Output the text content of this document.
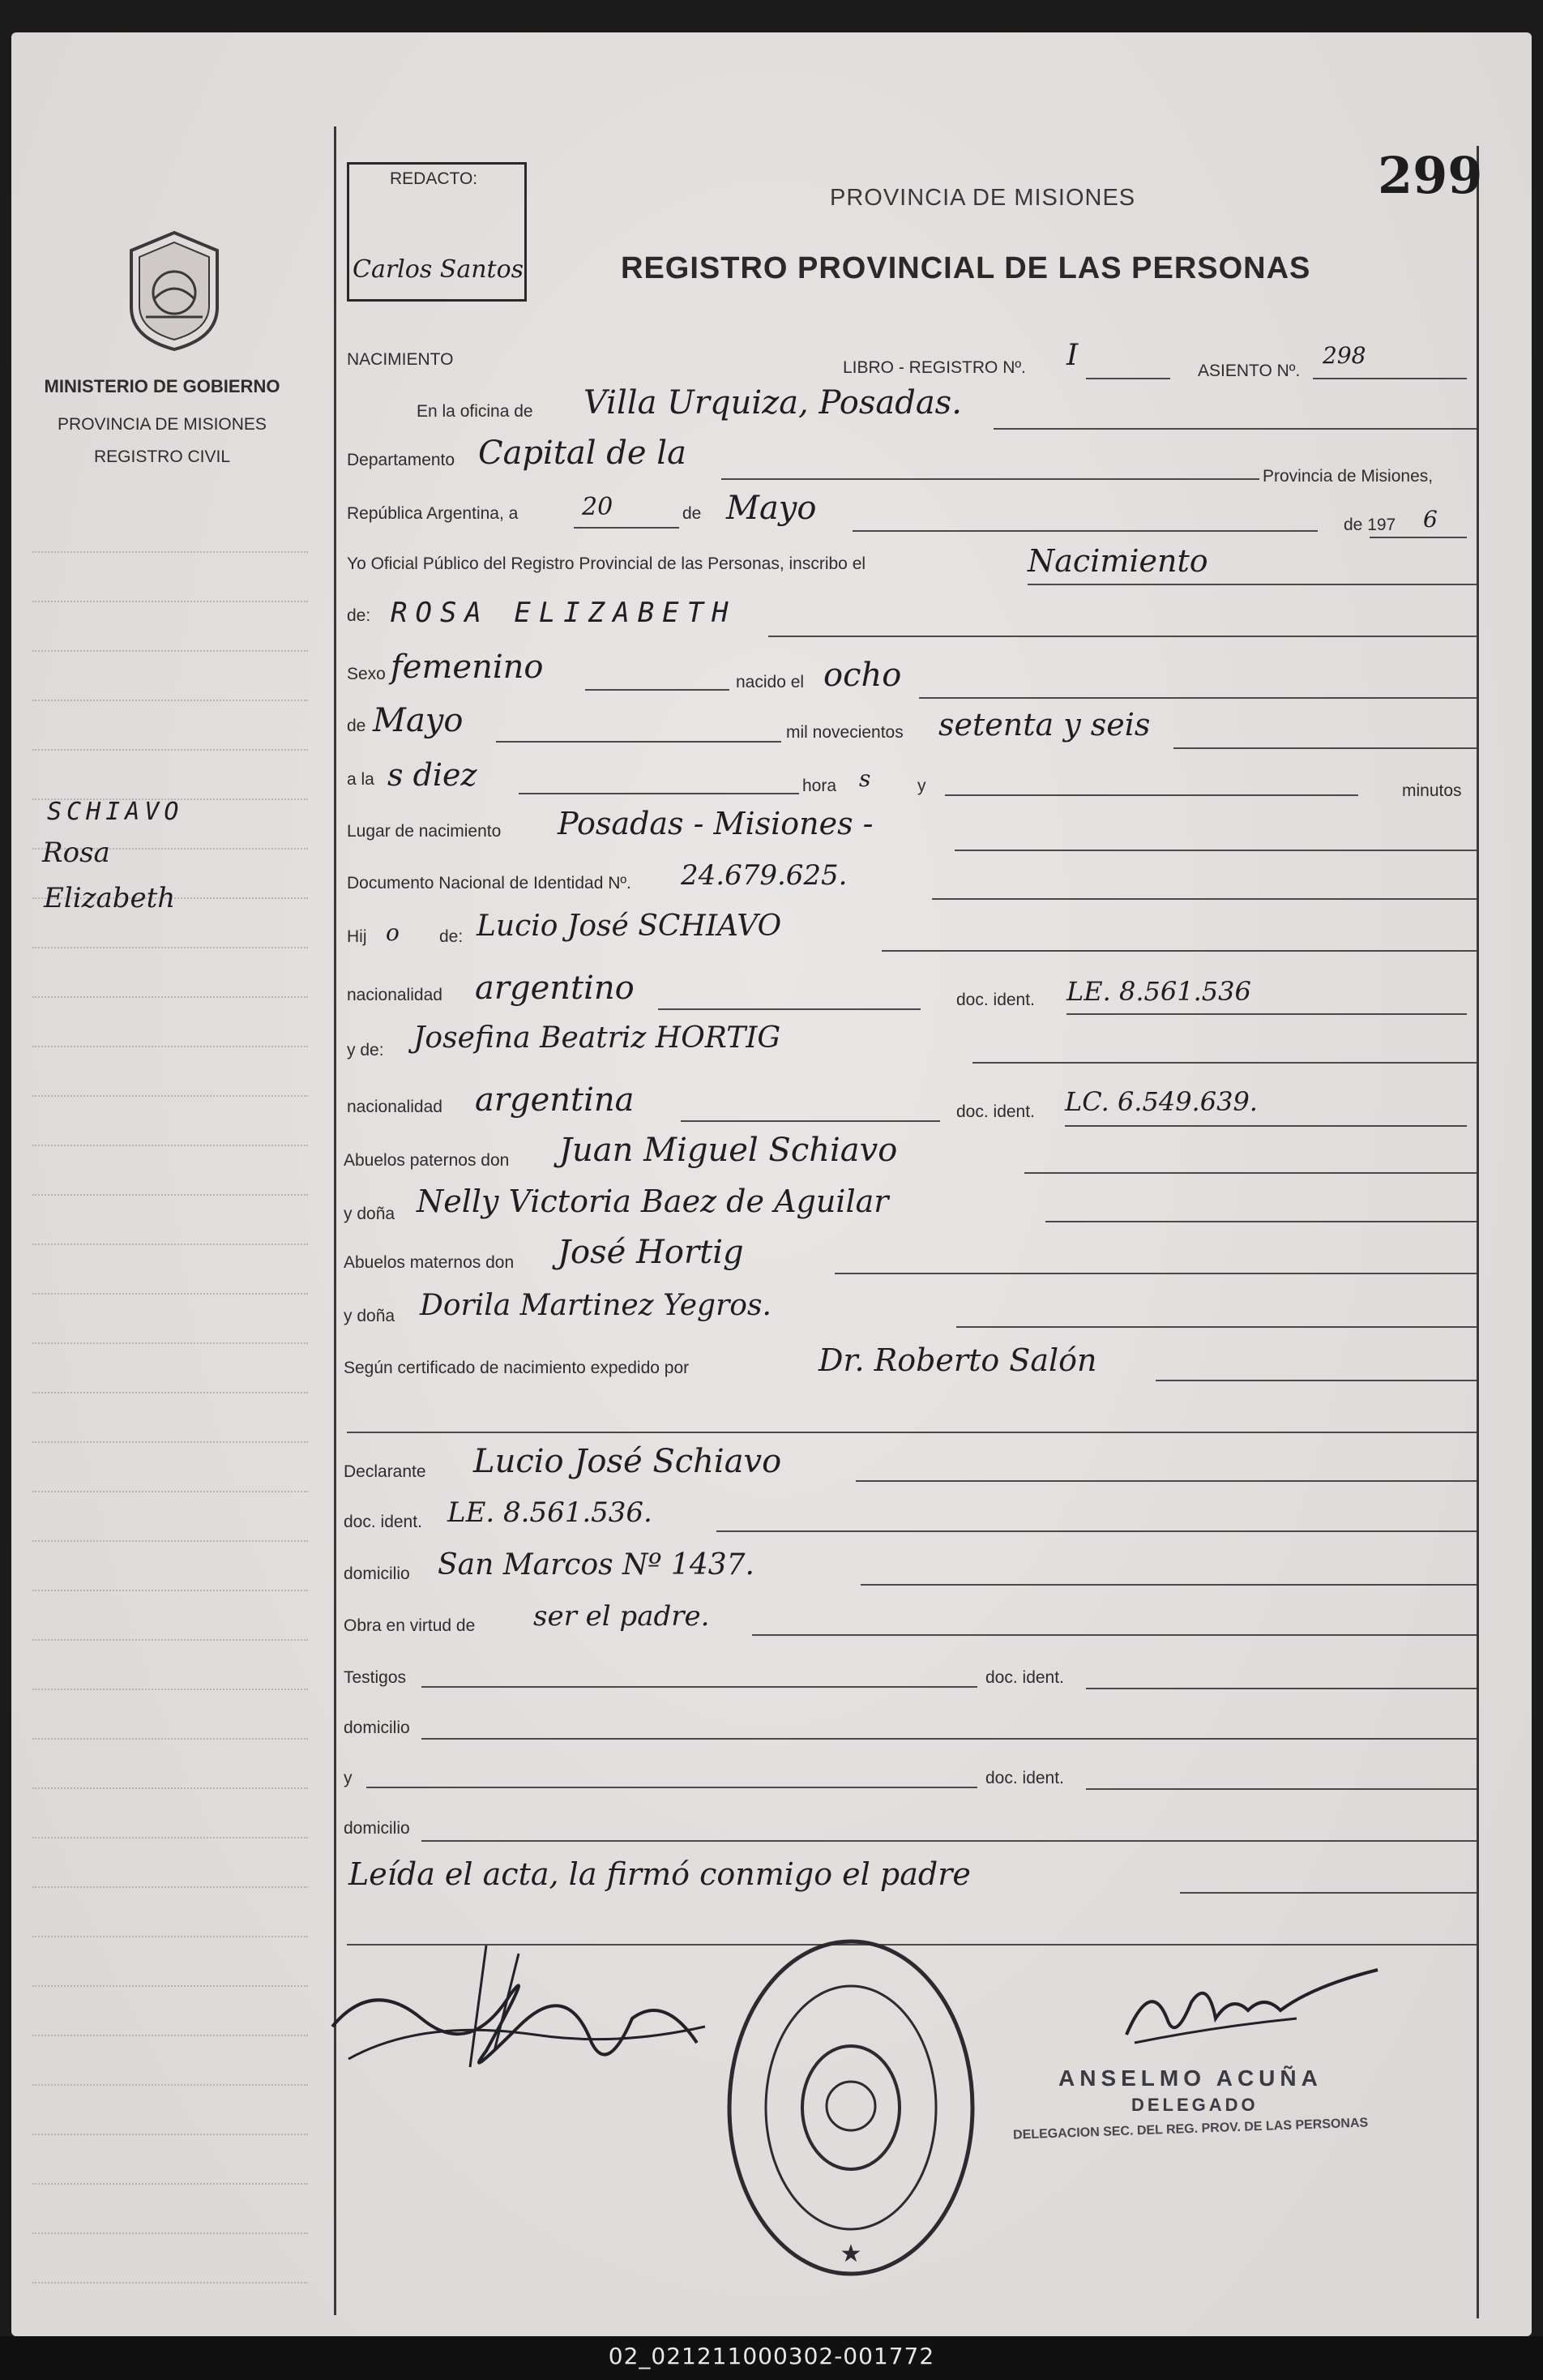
299
REDACTO:
Carlos Santos
PROVINCIA DE MISIONES
REGISTRO PROVINCIAL DE LAS PERSONAS
MINISTERIO DE GOBIERNO
PROVINCIA DE MISIONES
REGISTRO CIVIL
SCHIAVO
Rosa
Elizabeth
NACIMIENTO	LIBRO - REGISTRO Nº. I	ASIENTO Nº.
298
En la oficina de Villa Urquiza, Posadas.
Departamento Capital de la
Provincia de Misiones,
República Argentina, a	20	de Mayo	de 197 6
Yo Oficial Público del Registro Provincial de las Personas, inscribo el	Nacimiento
de: ROSA ELIZABETH
Sexo femenino	nacido el ocho
de Mayo	mil novecientos setenta y seis
a la s diez	hora s	y	minutos
Lugar de nacimiento Posadas - Misiones -
Documento Nacional de Identidad Nº. 24.679.625.
Hij o de: Lucio José SCHIAVO
nacionalidad argentino	doc. ident. LE. 8.561.536
y de: Josefina Beatriz HORTIG
nacionalidad argentina	doc. ident. LC. 6.549.639.
Abuelos paternos don Juan Miguel Schiavo
y doña Nelly Victoria Baez de Aguilar
Abuelos maternos don José Hortig
y doña Dorila Martinez Yegros.
Según certificado de nacimiento expedido por	Dr. Roberto Salón
Declarante Lucio José Schiavo
doc. ident. LE. 8.561.536.
domicilio San Marcos Nº 1437.
Obra en virtud de ser el padre.
Testigos	doc. ident.
domicilio
y	doc. ident.
domicilio
Leída el acta, la firmó conmigo el padre
★
ANSELMO ACUÑA
DELEGADO
DELEGACION SEC. DEL REG. PROV. DE LAS PERSONAS
02_021211000302-001772
